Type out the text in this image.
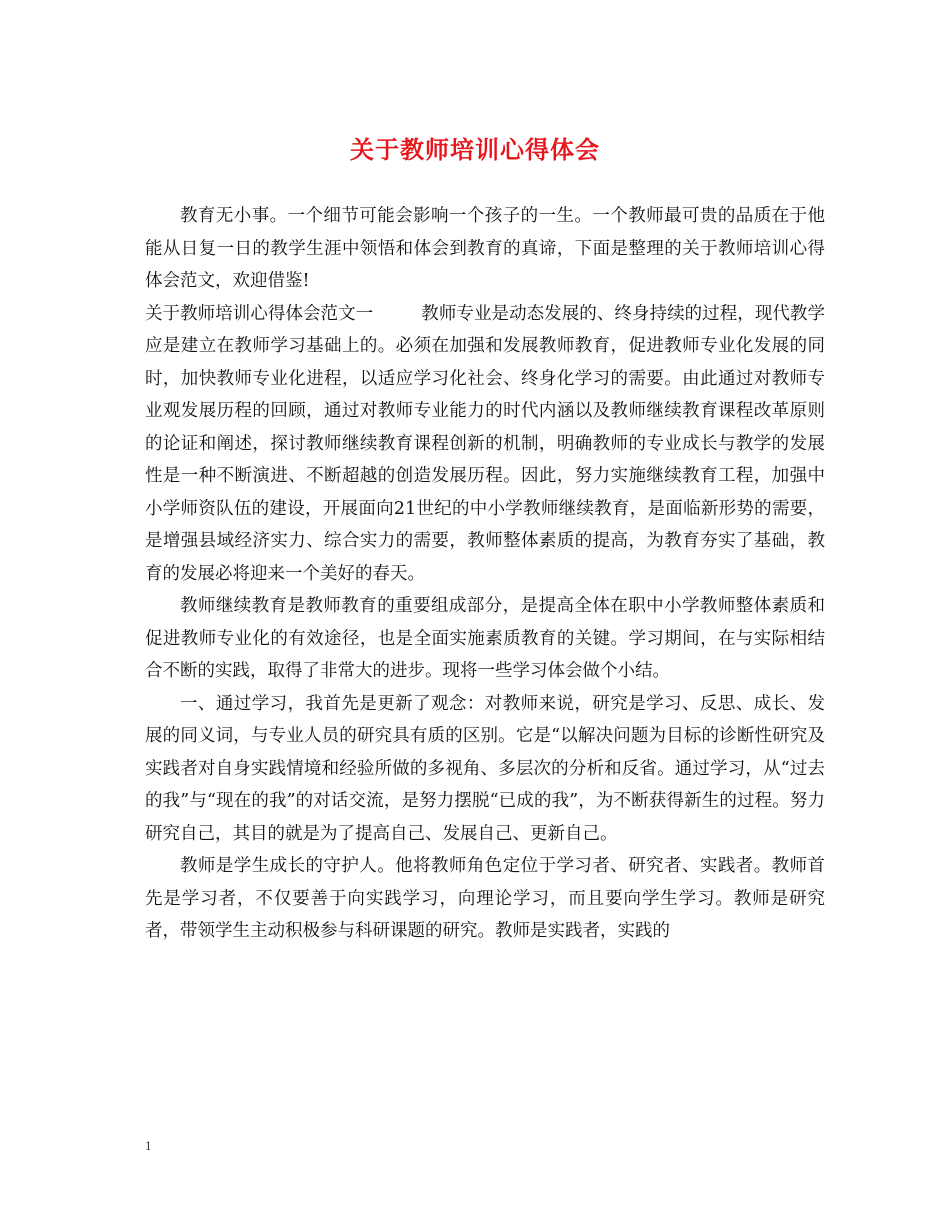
关于教师培训心得体会

教育无小事。一个细节可能会影响一个孩子的一生。一个教师最可贵的品质在于他能从日复一日的教学生涯中领悟和体会到教育的真谛，下面是整理的关于教师培训心得体会范文，欢迎借鉴!

关于教师培训心得体会范文一	教师专业是动态发展的、终身持续的过程，现代教学应是建立在教师学习基础上的。必须在加强和发展教师教育，促进教师专业化发展的同时，加快教师专业化进程，以适应学习化社会、终身化学习的需要。由此通过对教师专业观发展历程的回顾，通过对教师专业能力的时代内涵以及教师继续教育课程改革原则的论证和阐述，探讨教师继续教育课程创新的机制，明确教师的专业成长与教学的发展性是一种不断演进、不断超越的创造发展历程。因此，努力实施继续教育工程，加强中小学师资队伍的建设，开展面向21世纪的中小学教师继续教育，是面临新形势的需要，是增强县域经济实力、综合实力的需要，教师整体素质的提高，为教育夯实了基础，教育的发展必将迎来一个美好的春天。

教师继续教育是教师教育的重要组成部分，是提高全体在职中小学教师整体素质和促进教师专业化的有效途径，也是全面实施素质教育的关键。学习期间，在与实际相结合不断的实践，取得了非常大的进步。现将一些学习体会做个小结。

一、通过学习，我首先是更新了观念：对教师来说，研究是学习、反思、成长、发展的同义词，与专业人员的研究具有质的区别。它是“以解决问题为目标的诊断性研究及实践者对自身实践情境和经验所做的多视角、多层次的分析和反省。通过学习，从“过去的我”与“现在的我”的对话交流，是努力摆脱“已成的我”，为不断获得新生的过程。努力研究自己，其目的就是为了提高自己、发展自己、更新自己。

教师是学生成长的守护人。他将教师角色定位于学习者、研究者、实践者。教师首先是学习者，不仅要善于向实践学习，向理论学习，而且要向学生学习。教师是研究者，带领学生主动积极参与科研课题的研究。教师是实践者，实践的

1
